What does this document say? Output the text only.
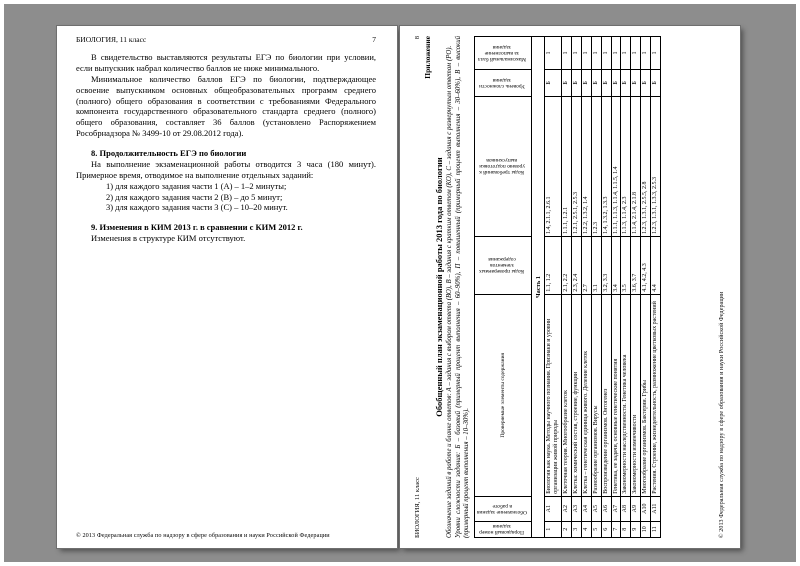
БИОЛОГИЯ, 11 класс	7

В свидетельство выставляются результаты ЕГЭ по биологии при условии, если выпускник набрал количество баллов не ниже минимального.

Минимальное количество баллов ЕГЭ по биологии, подтверждающее освоение выпускником основных общеобразовательных программ среднего (полного) общего образования в соответствии с требованиями Федерального компонента государственного образовательного стандарта среднего (полного) общего образования, составляет 36 баллов (установлено Распоряжением Рособрнадзора № 3499-10 от 29.08.2012 года).

8. Продолжительность ЕГЭ по биологии

На выполнение экзаменационной работы отводится 3 часа (180 минут). Примерное время, отводимое на выполнение отдельных заданий:

1) для каждого задания части 1 (А) – 1–2 минуты;

2) для каждого задания части 2 (В) – до 5 минут;

3) для каждого задания части 3 (С) – 10–20 минут.

9. Изменения в КИМ 2013 г. в сравнении с КИМ 2012 г.

Изменения в структуре КИМ отсутствуют.

© 2013 Федеральная служба по надзору в сфере образования и науки Российской Федерации	БИОЛОГИЯ, 11 класс
8 Приложение
Обобщенный план экзаменационной работы 2013 года по биологии Обозначение заданий в работе и бланке ответов: А – задания с выбором ответа (ВО), В – задания с кратким ответом (КО), С – задания с развернутым ответом (РО). Уровни сложности задания: Б – базовый (примерный процент выполнения – 60–90%), П – повышенный (примерный процент выполнения – 30–60%), В – высокий (примерный процент выполнения – 10–30%). Порядковый номер задания	Обозначение задания в работе	Проверяемые элементы содержания	Коды проверяемых элементов содержания	Коды требований к уровню подготовки выпускников	Уровень сложности задания	Максимальный балл за выполнение задания
Часть 1						
1	А1	Биология как наука. Методы научного познания. Признаки и уровни организации живой природы	1.1, 1.2	1.4, 2.1.1, 2.6.1	Б	1
2	А2	Клеточная теория. Многообразие клеток	2.1, 2.2	1.1.1, 1.2.1	Б	1
3	А3	Клетка: химический состав, строение, функции	2.3, 2.4	1.2.1, 2.5.1, 2.5.3	Б	1
4	А4	Клетка – генетическая единица живого. Деление клеток	2.7	1.2.2, 1.3.2, 1.4	Б	1
5	А5	Разнообразие организмов. Вирусы	3.1	1.2.3	Б	1
6	А6	Воспроизведение организмов. Онтогенез	3.2, 3.3	1.4, 1.3.2, 1.3.3	Б	1
7	А7	Генетика, ее задачи, основные генетические понятия	3.4	1.1.1, 1.1.3, 1.1.4, 1.1.5, 1.4	Б	1
8	А8	Закономерности наследственности. Генетика человека	3.5	1.1.3, 1.1.4, 2.3	Б	1
9	А9	Закономерности изменчивости	3.6, 3.7	1.1.4, 2.1.4, 2.1.8	Б	1
10	А10	Многообразие организмов. Бактерии. Грибы	4.1, 4.2, 4.3	1.2.3, 1.3.1, 2.5.5, 2.8	Б	1
11	А11	Растения. Строение, жизнедеятельность, размножение цветковых растений	4.4	1.2.3, 1.3.1, 1.3.3, 2.5.3	Б	1
© 2013 Федеральная служба по надзору в сфере образования и науки Российской Федерации
